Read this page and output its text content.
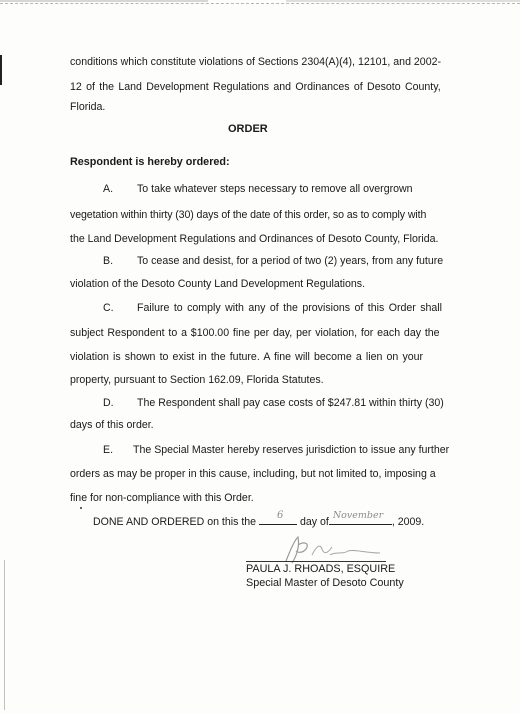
conditions which constitute violations of Sections 2304(A)(4), 12101, and 2002-
12 of the Land Development Regulations and Ordinances of Desoto County,
Florida.
ORDER
Respondent is hereby ordered:
A. To take whatever steps necessary to remove all overgrown
vegetation within thirty (30) days of the date of this order, so as to comply with
the Land Development Regulations and Ordinances of Desoto County, Florida.
B. To cease and desist, for a period of two (2) years, from any future
violation of the Desoto County Land Development Regulations.
C. Failure to comply with any of the provisions of this Order shall
subject Respondent to a $100.00 fine per day, per violation, for each day the
violation is shown to exist in the future. A fine will become a lien on your
property, pursuant to Section 162.09, Florida Statutes.
D. The Respondent shall pay case costs of $247.81 within thirty (30)
days of this order.
E. The Special Master hereby reserves jurisdiction to issue any further
orders as may be proper in this cause, including, but not limited to, imposing a
fine for non-compliance with this Order.
DONE AND ORDERED on this the
6
day of
November
, 2009.
PAULA J. RHOADS, ESQUIRE
Special Master of Desoto County
